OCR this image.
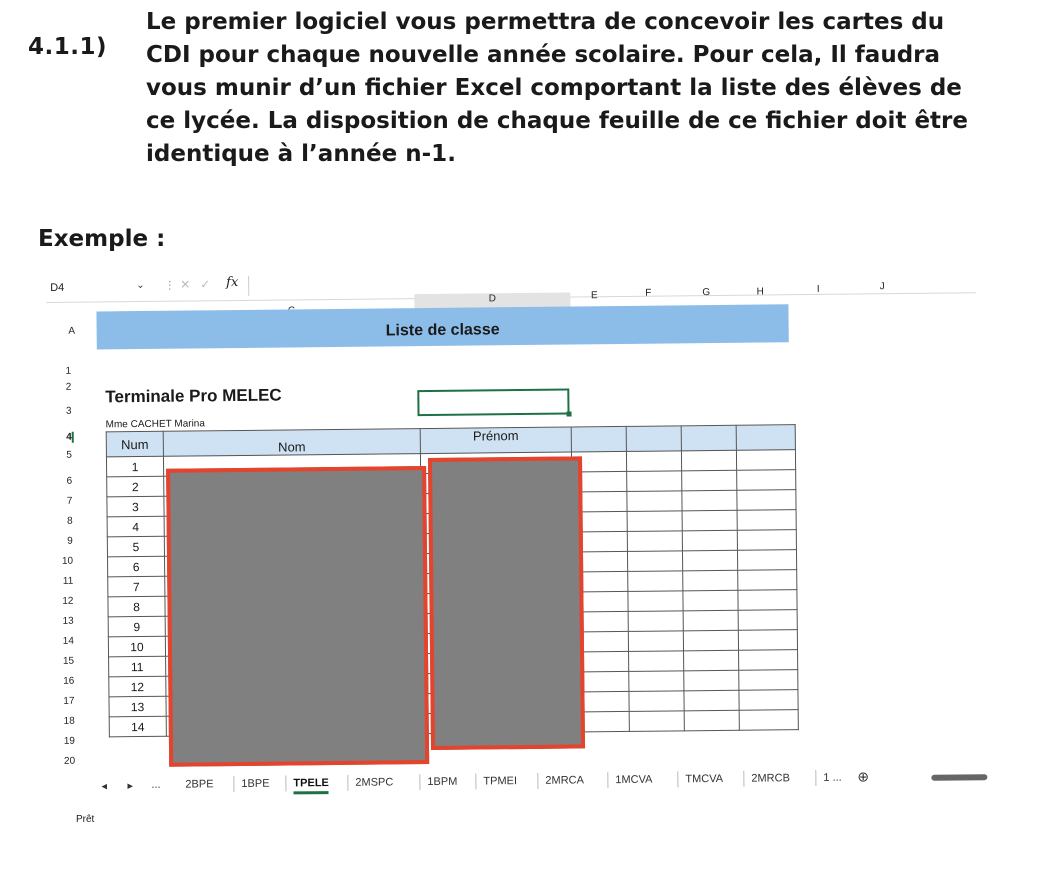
4.1.1)
Le premier logiciel vous permettra de concevoir les cartes du CDI pour chaque nouvelle année scolaire. Pour cela, Il faudra vous munir d’un fichier Excel comportant la liste des élèves de ce lycée. La disposition de chaque feuille de ce fichier doit être identique à l’année n-1.
Exemple :
D4	⌄ ⋮ ✕ ✓ fx
A
D	E	F	G	H	I	J
1
2
3
4
5
6
7
8
9
10
11
12
13
14
15
16
17
18
19
20
Liste de classe
Terminale Pro MELEC
Mme CACHET Marina
Num	Nom	Prénom				
1						
2						
3						
4						
5						
6						
7						
8						
9						
10						
11						
12						
13						
14						
◂ ▸ ... 2BPE	1BPE TPELE 2MSPC	1BPM TPMEI	2MRCA	1MCVA	TMCVA	2MRCB	1 ... ⊕
Prêt
